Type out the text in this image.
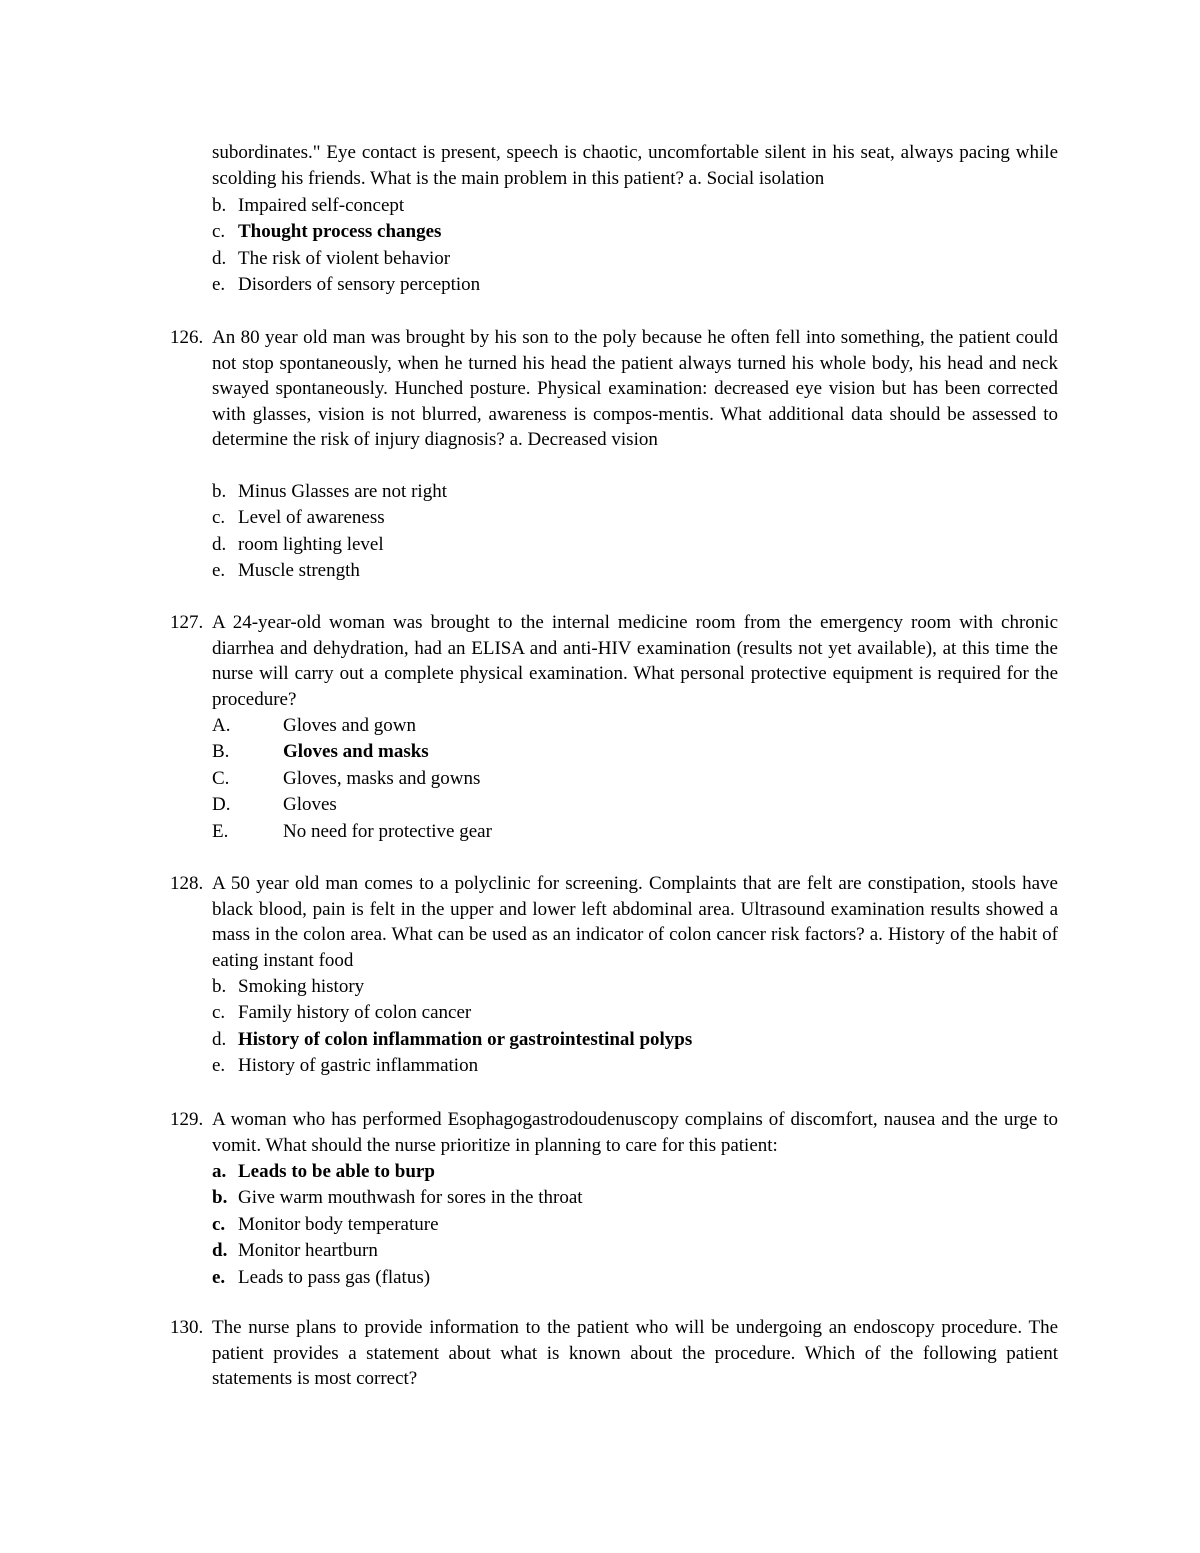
subordinates." Eye contact is present, speech is chaotic, uncomfortable silent in his seat, always pacing while scolding his friends. What is the main problem in this patient? a. Social isolation
b. Impaired self-concept
c. Thought process changes
d. The risk of violent behavior
e. Disorders of sensory perception
126. An 80 year old man was brought by his son to the poly because he often fell into something, the patient could not stop spontaneously, when he turned his head the patient always turned his whole body, his head and neck swayed spontaneously. Hunched posture. Physical examination: decreased eye vision but has been corrected with glasses, vision is not blurred, awareness is compos-mentis. What additional data should be assessed to determine the risk of injury diagnosis? a. Decreased vision
b. Minus Glasses are not right
c. Level of awareness
d. room lighting level
e. Muscle strength
127. A 24-year-old woman was brought to the internal medicine room from the emergency room with chronic diarrhea and dehydration, had an ELISA and anti-HIV examination (results not yet available), at this time the nurse will carry out a complete physical examination. What personal protective equipment is required for the procedure?
A.	Gloves and gown
B.	Gloves and masks
C.	Gloves, masks and gowns
D.	Gloves
E.	No need for protective gear
128. A 50 year old man comes to a polyclinic for screening. Complaints that are felt are constipation, stools have black blood, pain is felt in the upper and lower left abdominal area. Ultrasound examination results showed a mass in the colon area. What can be used as an indicator of colon cancer risk factors? a. History of the habit of eating instant food
b. Smoking history
c. Family history of colon cancer
d. History of colon inflammation or gastrointestinal polyps
e. History of gastric inflammation
129. A woman who has performed Esophagogastrodoudenuscopy complains of discomfort, nausea and the urge to vomit. What should the nurse prioritize in planning to care for this patient:
a. Leads to be able to burp
b. Give warm mouthwash for sores in the throat
c. Monitor body temperature
d. Monitor heartburn
e. Leads to pass gas (flatus)
130. The nurse plans to provide information to the patient who will be undergoing an endoscopy procedure. The patient provides a statement about what is known about the procedure. Which of the following patient statements is most correct?
